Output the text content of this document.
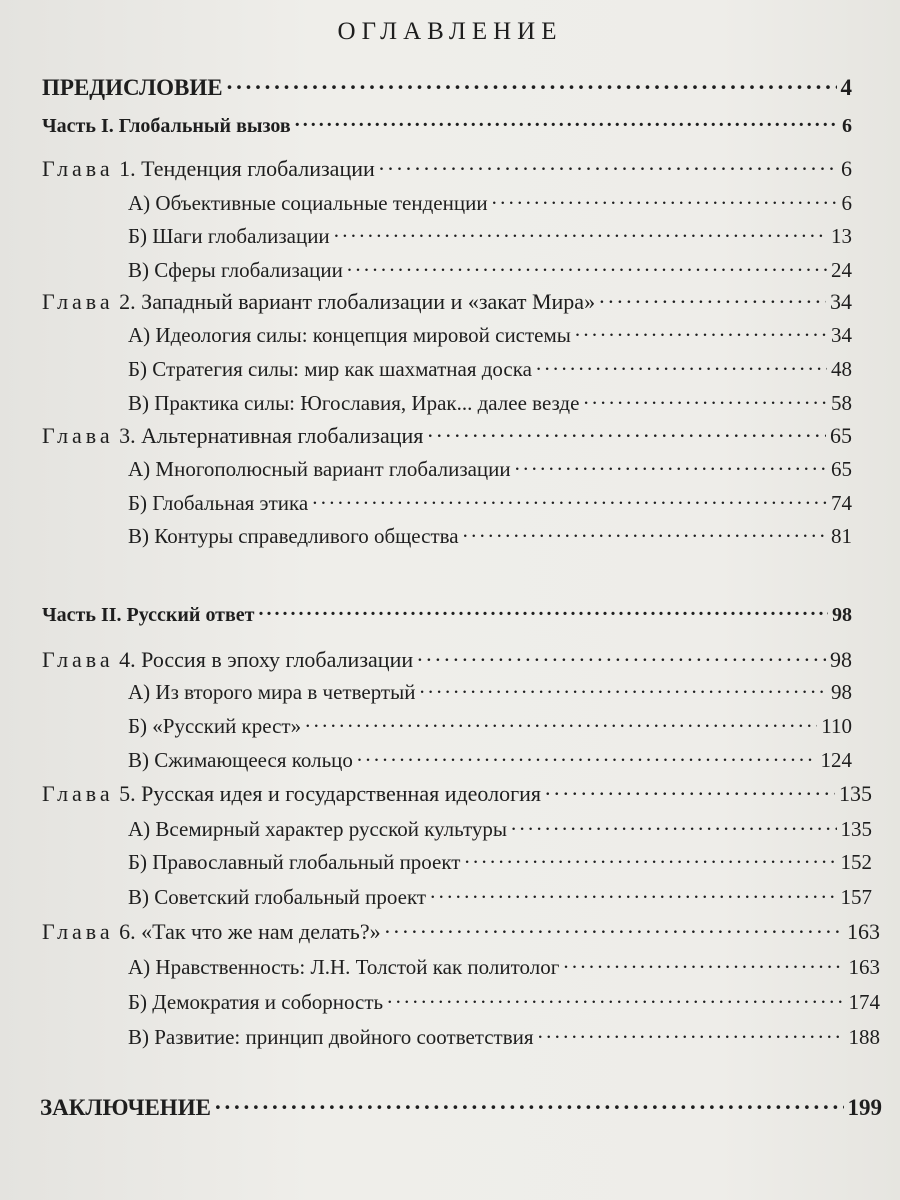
ОГЛАВЛЕНИЕ
ПРЕДИСЛОВИЕ . . .	4
Часть I. Глобальный вызов . . .	6
Глава 1. Тенденция глобализации . . .	6
А) Объективные социальные тенденции . . .	6
Б) Шаги глобализации . . .	13
В) Сферы глобализации . . .	24
Глава 2. Западный вариант глобализации и «закат Мира» . . .	34
А) Идеология силы: концепция мировой системы . . .	34
Б) Стратегия силы: мир как шахматная доска . . .	48
В) Практика силы: Югославия, Ирак... далее везде . . .	58
Глава 3. Альтернативная глобализация . . .	65
А) Многополюсный вариант глобализации . . .	65
Б) Глобальная этика . . .	74
В) Контуры справедливого общества . . .	81
Часть II. Русский ответ . . .	98
Глава 4. Россия в эпоху глобализации . . .	98
А) Из второго мира в четвертый . . .	98
Б) «Русский крест» . . .	110
В) Сжимающееся кольцо . . .	124
Глава 5. Русская идея и государственная идеология . . .	135
А) Всемирный характер русской культуры . . .	135
Б) Православный глобальный проект . . .	152
В) Советский глобальный проект . . .	157
Глава 6. «Так что же нам делать?» . . .	163
А) Нравственность: Л.Н. Толстой как политолог . . .	163
Б) Демократия и соборность . . .	174
В) Развитие: принцип двойного соответствия . . .	188
ЗАКЛЮЧЕНИЕ . . .	199
